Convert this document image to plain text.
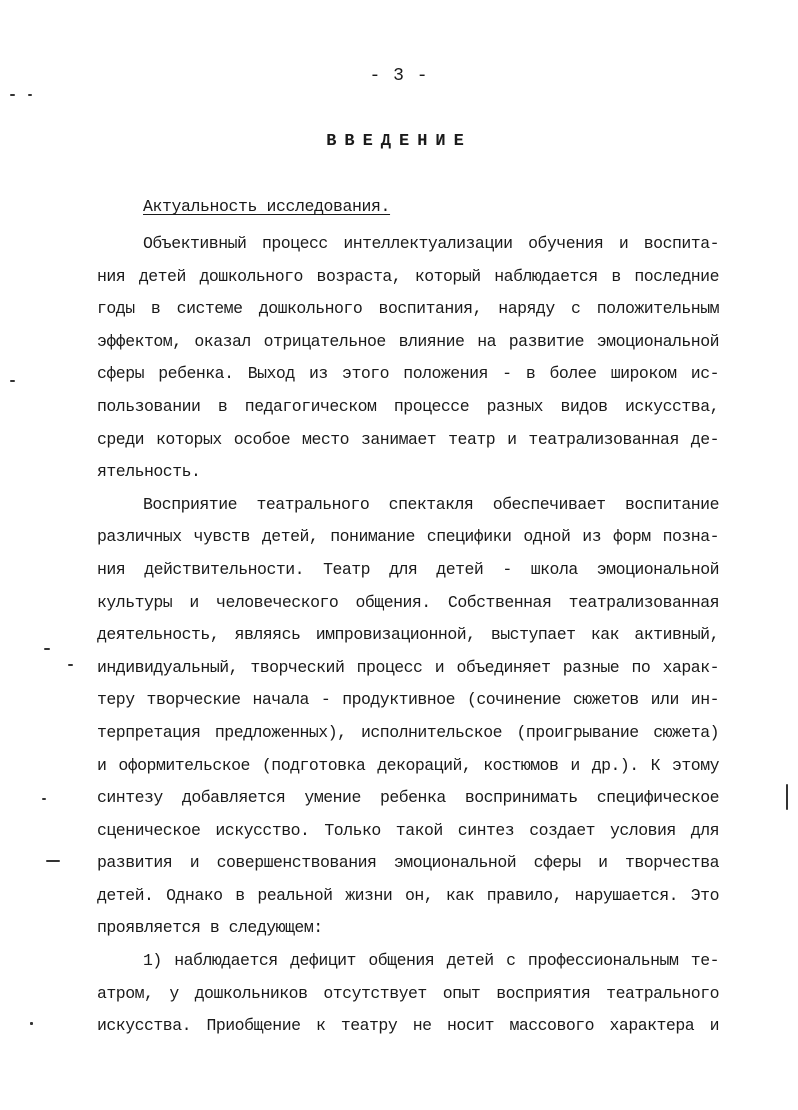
- 3 -
ВВЕДЕНИЕ
Актуальность исследования.
Объективный процесс интеллектуализации обучения и воспита-
ния детей дошкольного возраста, который наблюдается в последние
годы в системе дошкольного воспитания, наряду с положительным
эффектом, оказал отрицательное влияние на развитие эмоциональной
сферы ребенка. Выход из этого положения - в более широком ис-
пользовании в педагогическом процессе разных видов искусства,
среди которых особое место занимает театр и театрализованная де-
ятельность.
Восприятие театрального спектакля обеспечивает воспитание
различных чувств детей, понимание специфики одной из форм позна-
ния действительности. Театр для детей - школа эмоциональной
культуры и человеческого общения. Собственная театрализованная
деятельность, являясь импровизационной, выступает как активный,
индивидуальный, творческий процесс и объединяет разные по харак-
теру творческие начала - продуктивное (сочинение сюжетов или ин-
терпретация предложенных), исполнительское (проигрывание сюжета)
и оформительское (подготовка декораций, костюмов и др.). К этому
синтезу добавляется умение ребенка воспринимать специфическое
сценическое искусство. Только такой синтез создает условия для
развития и совершенствования эмоциональной сферы и творчества
детей. Однако в реальной жизни он, как правило, нарушается. Это
проявляется в следующем:
1) наблюдается дефицит общения детей с профессиональным те-
атром, у дошкольников отсутствует опыт восприятия театрального
искусства. Приобщение к театру не носит массового характера и
